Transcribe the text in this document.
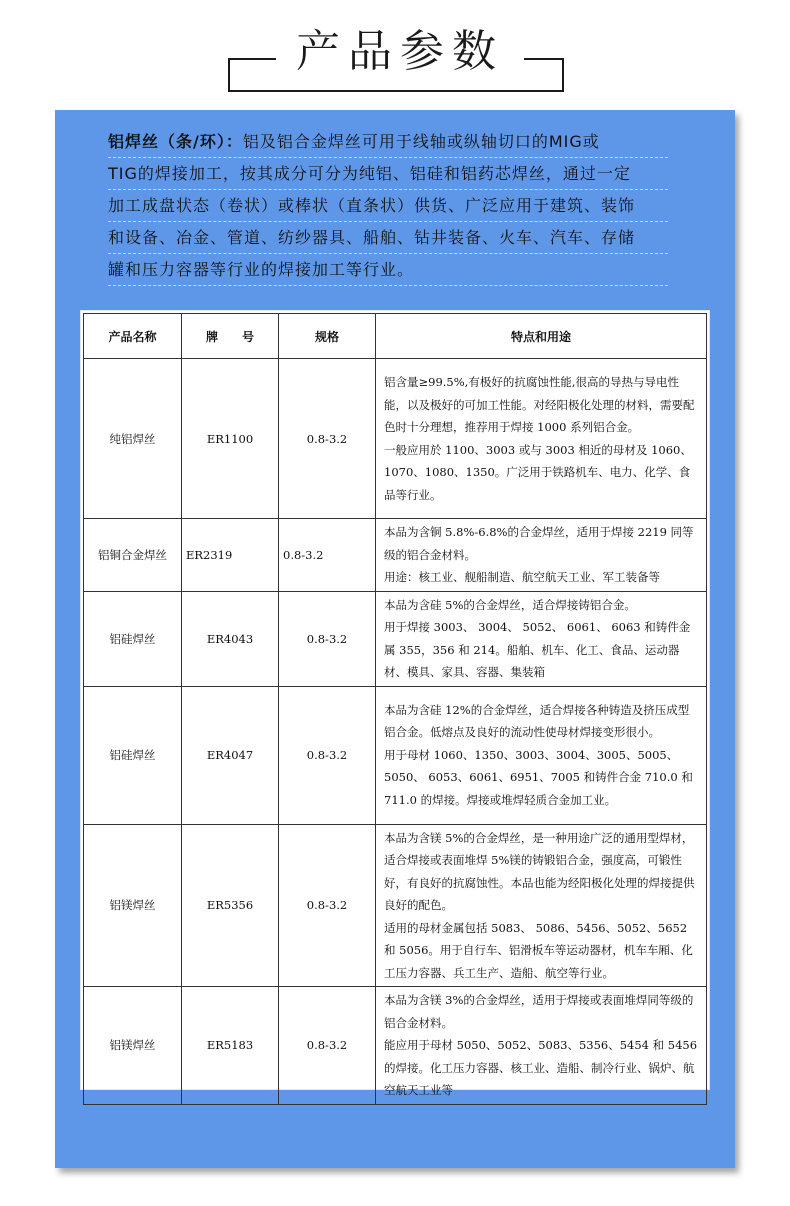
产品参数
铝焊丝（条/环）：铝及铝合金焊丝可用于线轴或纵轴切口的MIG或
TIG的焊接加工，按其成分可分为纯铝、铝硅和铝药芯焊丝，通过一定
加工成盘状态（卷状）或棒状（直条状）供货、广泛应用于建筑、装饰
和设备、冶金、管道、纺纱器具、船舶、钻井装备、火车、汽车、存储
罐和压力容器等行业的焊接加工等行业。
产品名称	牌　　号	规格	特点和用途
纯铝焊丝	ER1100	0.8-3.2	铝含量≥99.5%,有极好的抗腐蚀性能,很高的导热与导电性能，以及极好的可加工性能。对经阳极化处理的材料，需要配色时十分理想，推荐用于焊接 1000 系列铝合金。

一般应用於 1100、3003 或与 3003 相近的母材及 1060、1070、1080、1350。广泛用于铁路机车、电力、化学、食品等行业。

铝铜合金焊丝	ER2319	0.8-3.2	本品为含铜 5.8%-6.8%的合金焊丝，适用于焊接 2219 同等级的铝合金材料。

用途：核工业、舰船制造、航空航天工业、军工装备等

铝硅焊丝	ER4043	0.8-3.2	本品为含硅 5%的合金焊丝，适合焊接铸铝合金。

用于焊接 3003、 3004、 5052、 6061、 6063 和铸件金属 355，356 和 214。船舶、机车、化工、食品、运动器材、模具、家具、容器、集装箱

铝硅焊丝	ER4047	0.8-3.2	本品为含硅 12%的合金焊丝，适合焊接各种铸造及挤压成型铝合金。低熔点及良好的流动性使母材焊接变形很小。

用于母材 1060、1350、3003、3004、3005、5005、5050、 6053、6061、6951、7005 和铸件合金 710.0 和 711.0 的焊接。焊接或堆焊轻质合金加工业。

铝镁焊丝	ER5356	0.8-3.2	本品为含镁 5%的合金焊丝，是一种用途广泛的通用型焊材，适合焊接或表面堆焊 5%镁的铸锻铝合金，强度高，可锻性好，有良好的抗腐蚀性。本品也能为经阳极化处理的焊接提供良好的配色。

适用的母材金属包括 5083、 5086、5456、5052、5652 和 5056。用于自行车、铝滑板车等运动器材，机车车厢、化工压力容器、兵工生产、造船、航空等行业。

铝镁焊丝	ER5183	0.8-3.2	本品为含镁 3%的合金焊丝，适用于焊接或表面堆焊同等级的铝合金材料。

能应用于母材 5050、5052、5083、5356、5454 和 5456 的焊接。化工压力容器、核工业、造船、制冷行业、锅炉、航空航天工业等
